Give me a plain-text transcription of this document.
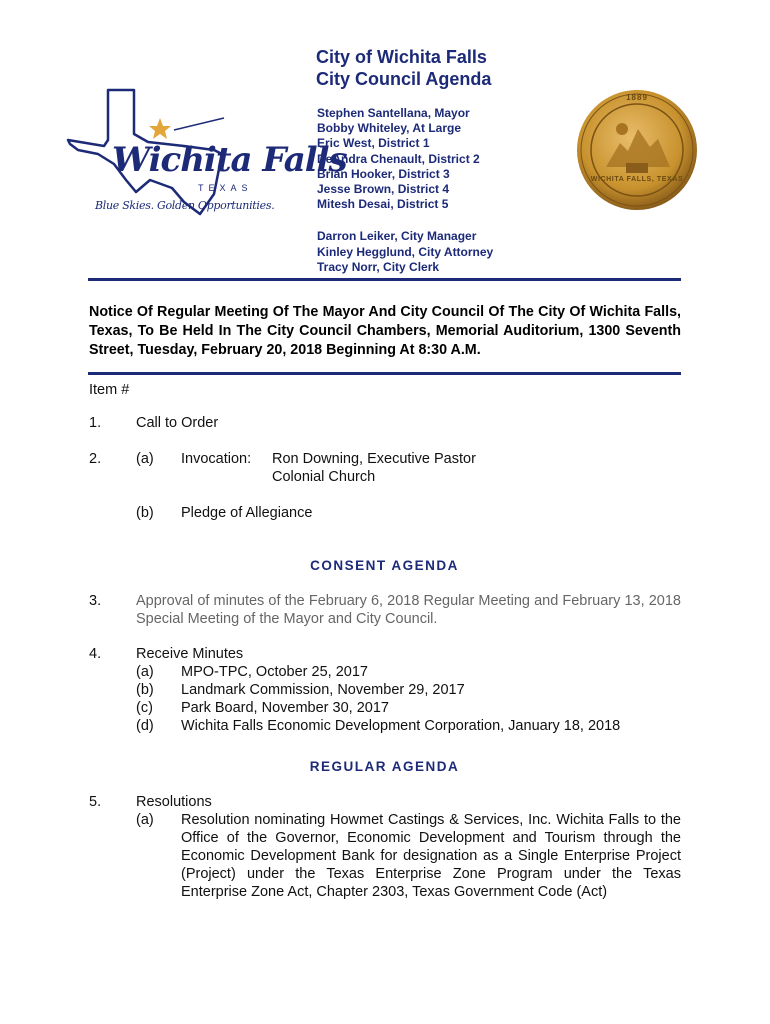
Wichita Falls
TEXAS
Blue Skies. Golden Opportunities.
City of Wichita Falls
City Council Agenda
Stephen Santellana, Mayor
Bobby Whiteley, At Large
Eric West, District 1
DeAndra Chenault, District 2
Brian Hooker, District 3
Jesse Brown, District 4
Mitesh Desai, District 5
Darron Leiker, City Manager
Kinley Hegglund, City Attorney
Tracy Norr, City Clerk
1889
WICHITA FALLS, TEXAS
Notice Of Regular Meeting Of The Mayor And City Council Of The City Of Wichita Falls, Texas, To Be Held In The City Council Chambers, Memorial Auditorium, 1300 Seventh Street, Tuesday, February 20, 2018 Beginning At 8:30 A.M.
Item #
1. Call to Order
2. (a) Invocation: Ron Downing, Executive Pastor
Colonial Church
(b) Pledge of Allegiance
CONSENT AGENDA
3. Approval of minutes of the February 6, 2018 Regular Meeting and February 13, 2018 Special Meeting of the Mayor and City Council.
4. Receive Minutes
(a) MPO-TPC, October 25, 2017
(b) Landmark Commission, November 29, 2017
(c) Park Board, November 30, 2017
(d) Wichita Falls Economic Development Corporation, January 18, 2018
REGULAR AGENDA
5. Resolutions
(a) Resolution nominating Howmet Castings & Services, Inc. Wichita Falls to the Office of the Governor, Economic Development and Tourism through the Economic Development Bank for designation as a Single Enterprise Project (Project) under the Texas Enterprise Zone Program under the Texas Enterprise Zone Act, Chapter 2303, Texas Government Code (Act)
